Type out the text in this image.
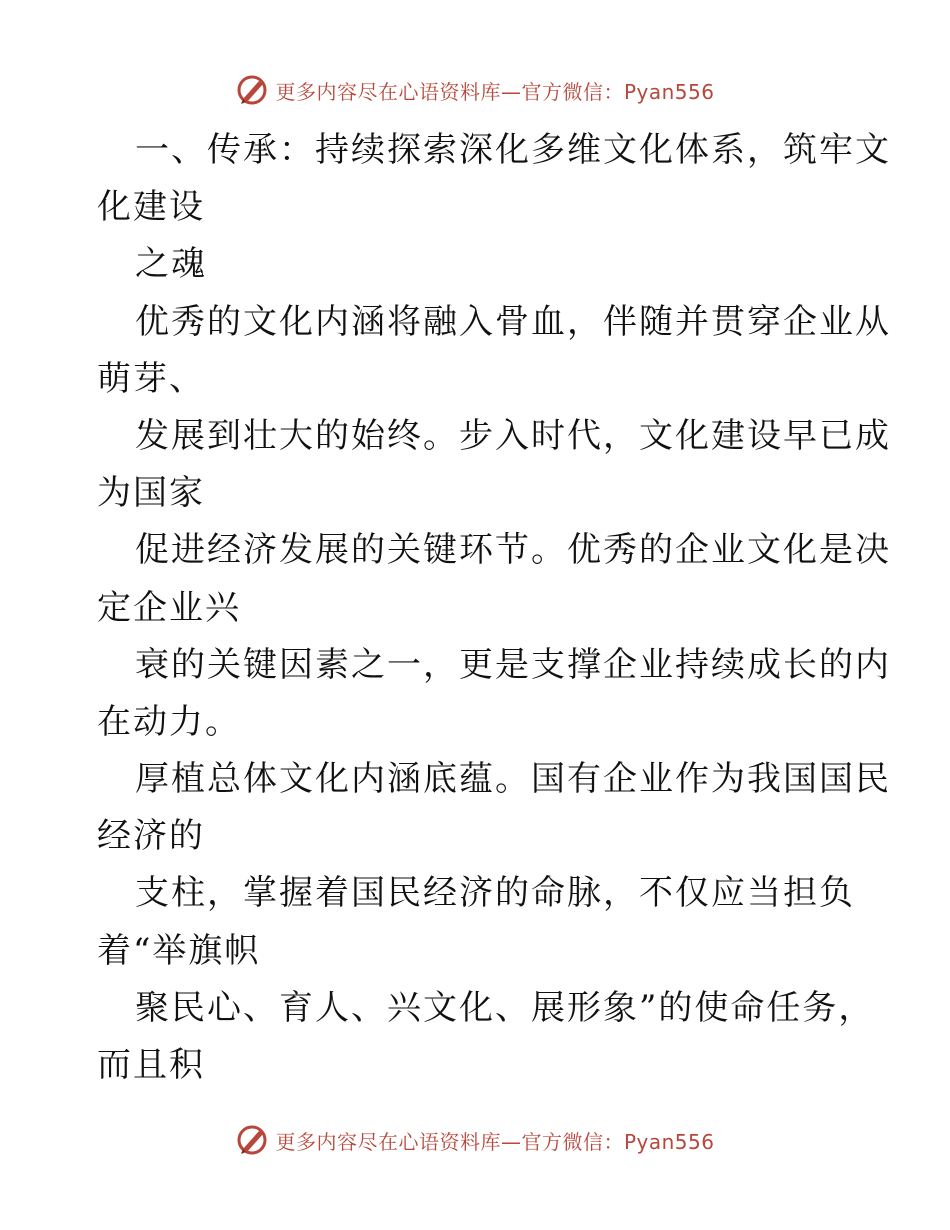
更多内容尽在心语资料库—官方微信：Pyan556
一、传承：持续探索深化多维文化体系，筑牢文
化建设
之魂
优秀的文化内涵将融入骨血，伴随并贯穿企业从
萌芽、
发展到壮大的始终。步入时代，文化建设早已成
为国家
促进经济发展的关键环节。优秀的企业文化是决
定企业兴
衰的关键因素之一，更是支撑企业持续成长的内
在动力。
厚植总体文化内涵底蕴。国有企业作为我国国民
经济的
支柱，掌握着国民经济的命脉，不仅应当担负
着“举旗帜
聚民心、育人、兴文化、展形象”的使命任务，
而且积
更多内容尽在心语资料库—官方微信：Pyan556
